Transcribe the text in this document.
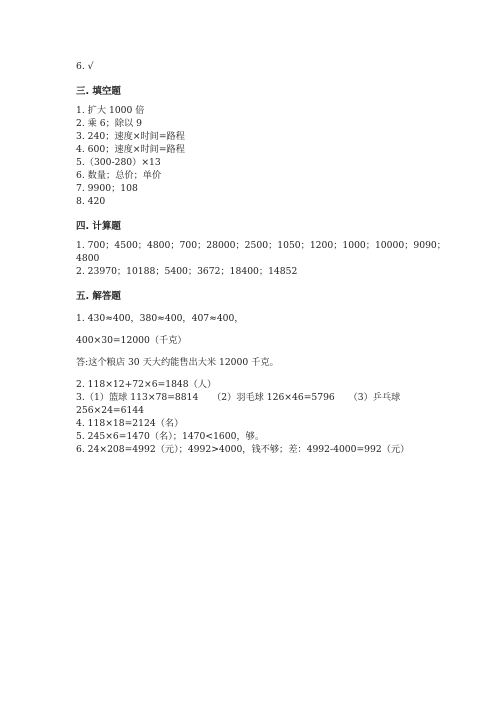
6. √
三. 填空题
1. 扩大 1000 倍
2. 乘 6；除以 9
3. 240；速度×时间=路程
4. 600；速度×时间=路程
5.（300-280）×13
6. 数量；总价；单价
7. 9900；108
8. 420
四. 计算题
1. 700；4500；4800；700；28000；2500；1050；1200；1000；10000；9090；
4800
2. 23970；10188；5400；3672；18400；14852
五. 解答题
1. 430≈400，380≈400，407≈400，
400×30=12000（千克）
答:这个粮店 30 天大约能售出大米 12000 千克。
2. 118×12+72×6=1848（人）
3.（1）篮球 113×78=8814　　（2）羽毛球 126×46=5796　　（3）乒乓球
256×24=6144
4. 118×18=2124（名）
5. 245×6=1470（名）；1470<1600，够。
6. 24×208=4992（元）；4992>4000，钱不够；差：4992-4000=992（元）
